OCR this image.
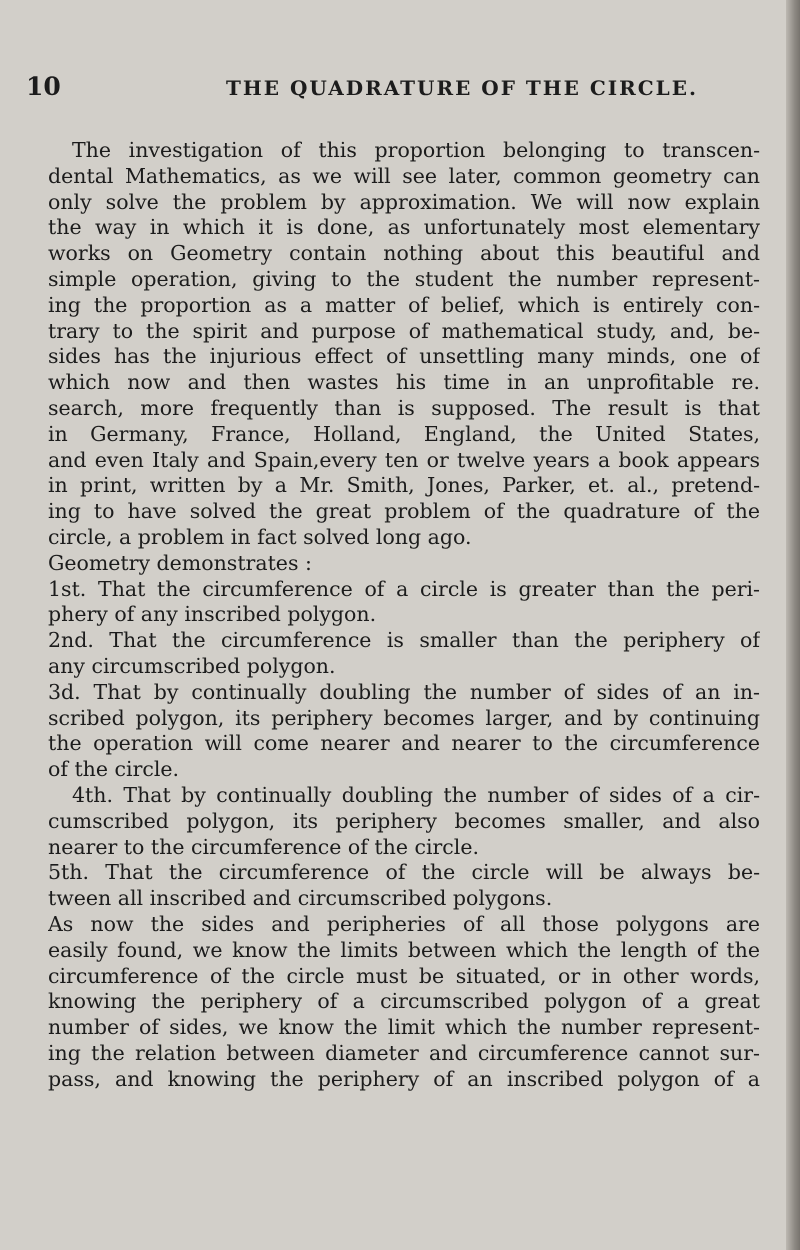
10	THE QUADRATURE OF THE CIRCLE.
The investigation of this proportion belonging to transcen-
dental Mathematics, as we will see later, common geometry can
only solve the problem by approximation. We will now explain
the way in which it is done, as unfortunately most elementary
works on Geometry contain nothing about this beautiful and
simple operation, giving to the student the number represent-
ing the proportion as a matter of belief, which is entirely con-
trary to the spirit and purpose of mathematical study, and, be-
sides has the injurious effect of unsettling many minds, one of
which now and then wastes his time in an unprofitable re.
search, more frequently than is supposed. The result is that
in Germany, France, Holland, England, the United States,
and even Italy and Spain,every ten or twelve years a book appears
in print, written by a Mr. Smith, Jones, Parker, et. al., pretend-
ing to have solved the great problem of the quadrature of the
circle, a problem in fact solved long ago.
Geometry demonstrates :
1st. That the circumference of a circle is greater than the peri-
phery of any inscribed polygon.
2nd. That the circumference is smaller than the periphery of
any circumscribed polygon.
3d. That by continually doubling the number of sides of an in-
scribed polygon, its periphery becomes larger, and by continuing
the operation will come nearer and nearer to the circumference
of the circle.
4th. That by continually doubling the number of sides of a cir-
cumscribed polygon, its periphery becomes smaller, and also
nearer to the circumference of the circle.
5th. That the circumference of the circle will be always be-
tween all inscribed and circumscribed polygons.
As now the sides and peripheries of all those polygons are
easily found, we know the limits between which the length of the
circumference of the circle must be situated, or in other words,
knowing the periphery of a circumscribed polygon of a great
number of sides, we know the limit which the number represent-
ing the relation between diameter and circumference cannot sur-
pass, and knowing the periphery of an inscribed polygon of a
